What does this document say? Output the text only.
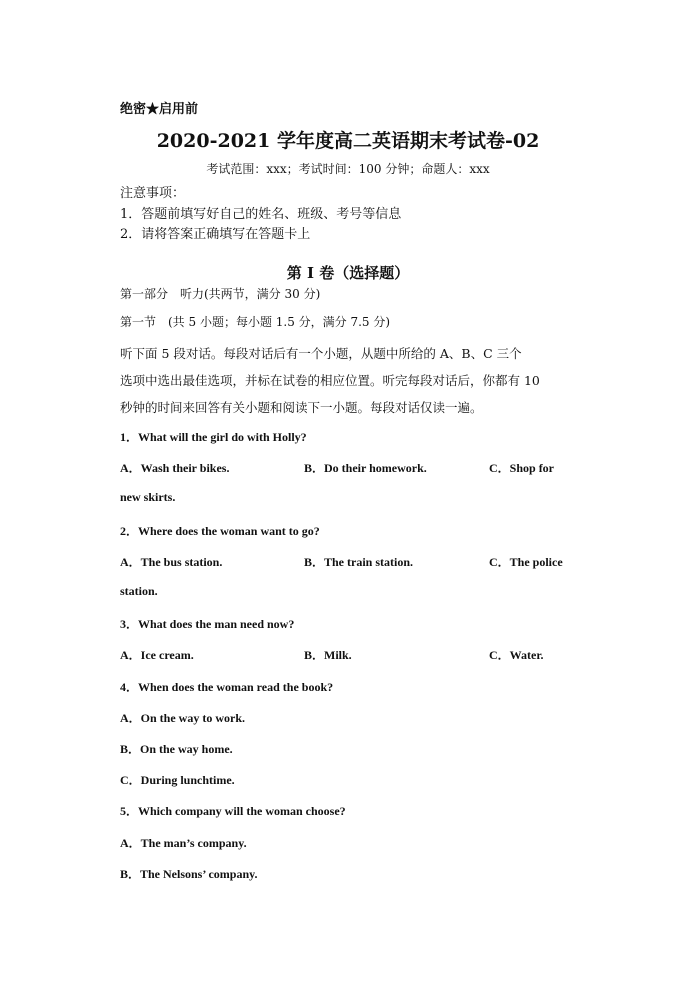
绝密★启用前
2020-2021 学年度高二英语期末考试卷-02
考试范围：xxx；考试时间：100 分钟；命题人：xxx
注意事项：
1．答题前填写好自己的姓名、班级、考号等信息
2．请将答案正确填写在答题卡上
第 I 卷（选择题）
第一部分　听力(共两节，满分 30 分)
第一节　(共 5 小题；每小题 1.5 分，满分 7.5 分)
听下面 5 段对话。每段对话后有一个小题，从题中所给的 A、B、C 三个
选项中选出最佳选项，并标在试卷的相应位置。听完每段对话后，你都有 10
秒钟的时间来回答有关小题和阅读下一小题。每段对话仅读一遍。
1．What will the girl do with Holly?
A．Wash their bikes.	B．Do their homework.	C．Shop for
new skirts.
2．Where does the woman want to go?
A．The bus station.	B．The train station.	C．The police
station.
3．What does the man need now?
A．Ice cream.	B．Milk.	C．Water.
4．When does the woman read the book?
A．On the way to work.
B．On the way home.
C．During lunchtime.
5．Which company will the woman choose?
A．The man’s company.
B．The Nelsons’ company.
